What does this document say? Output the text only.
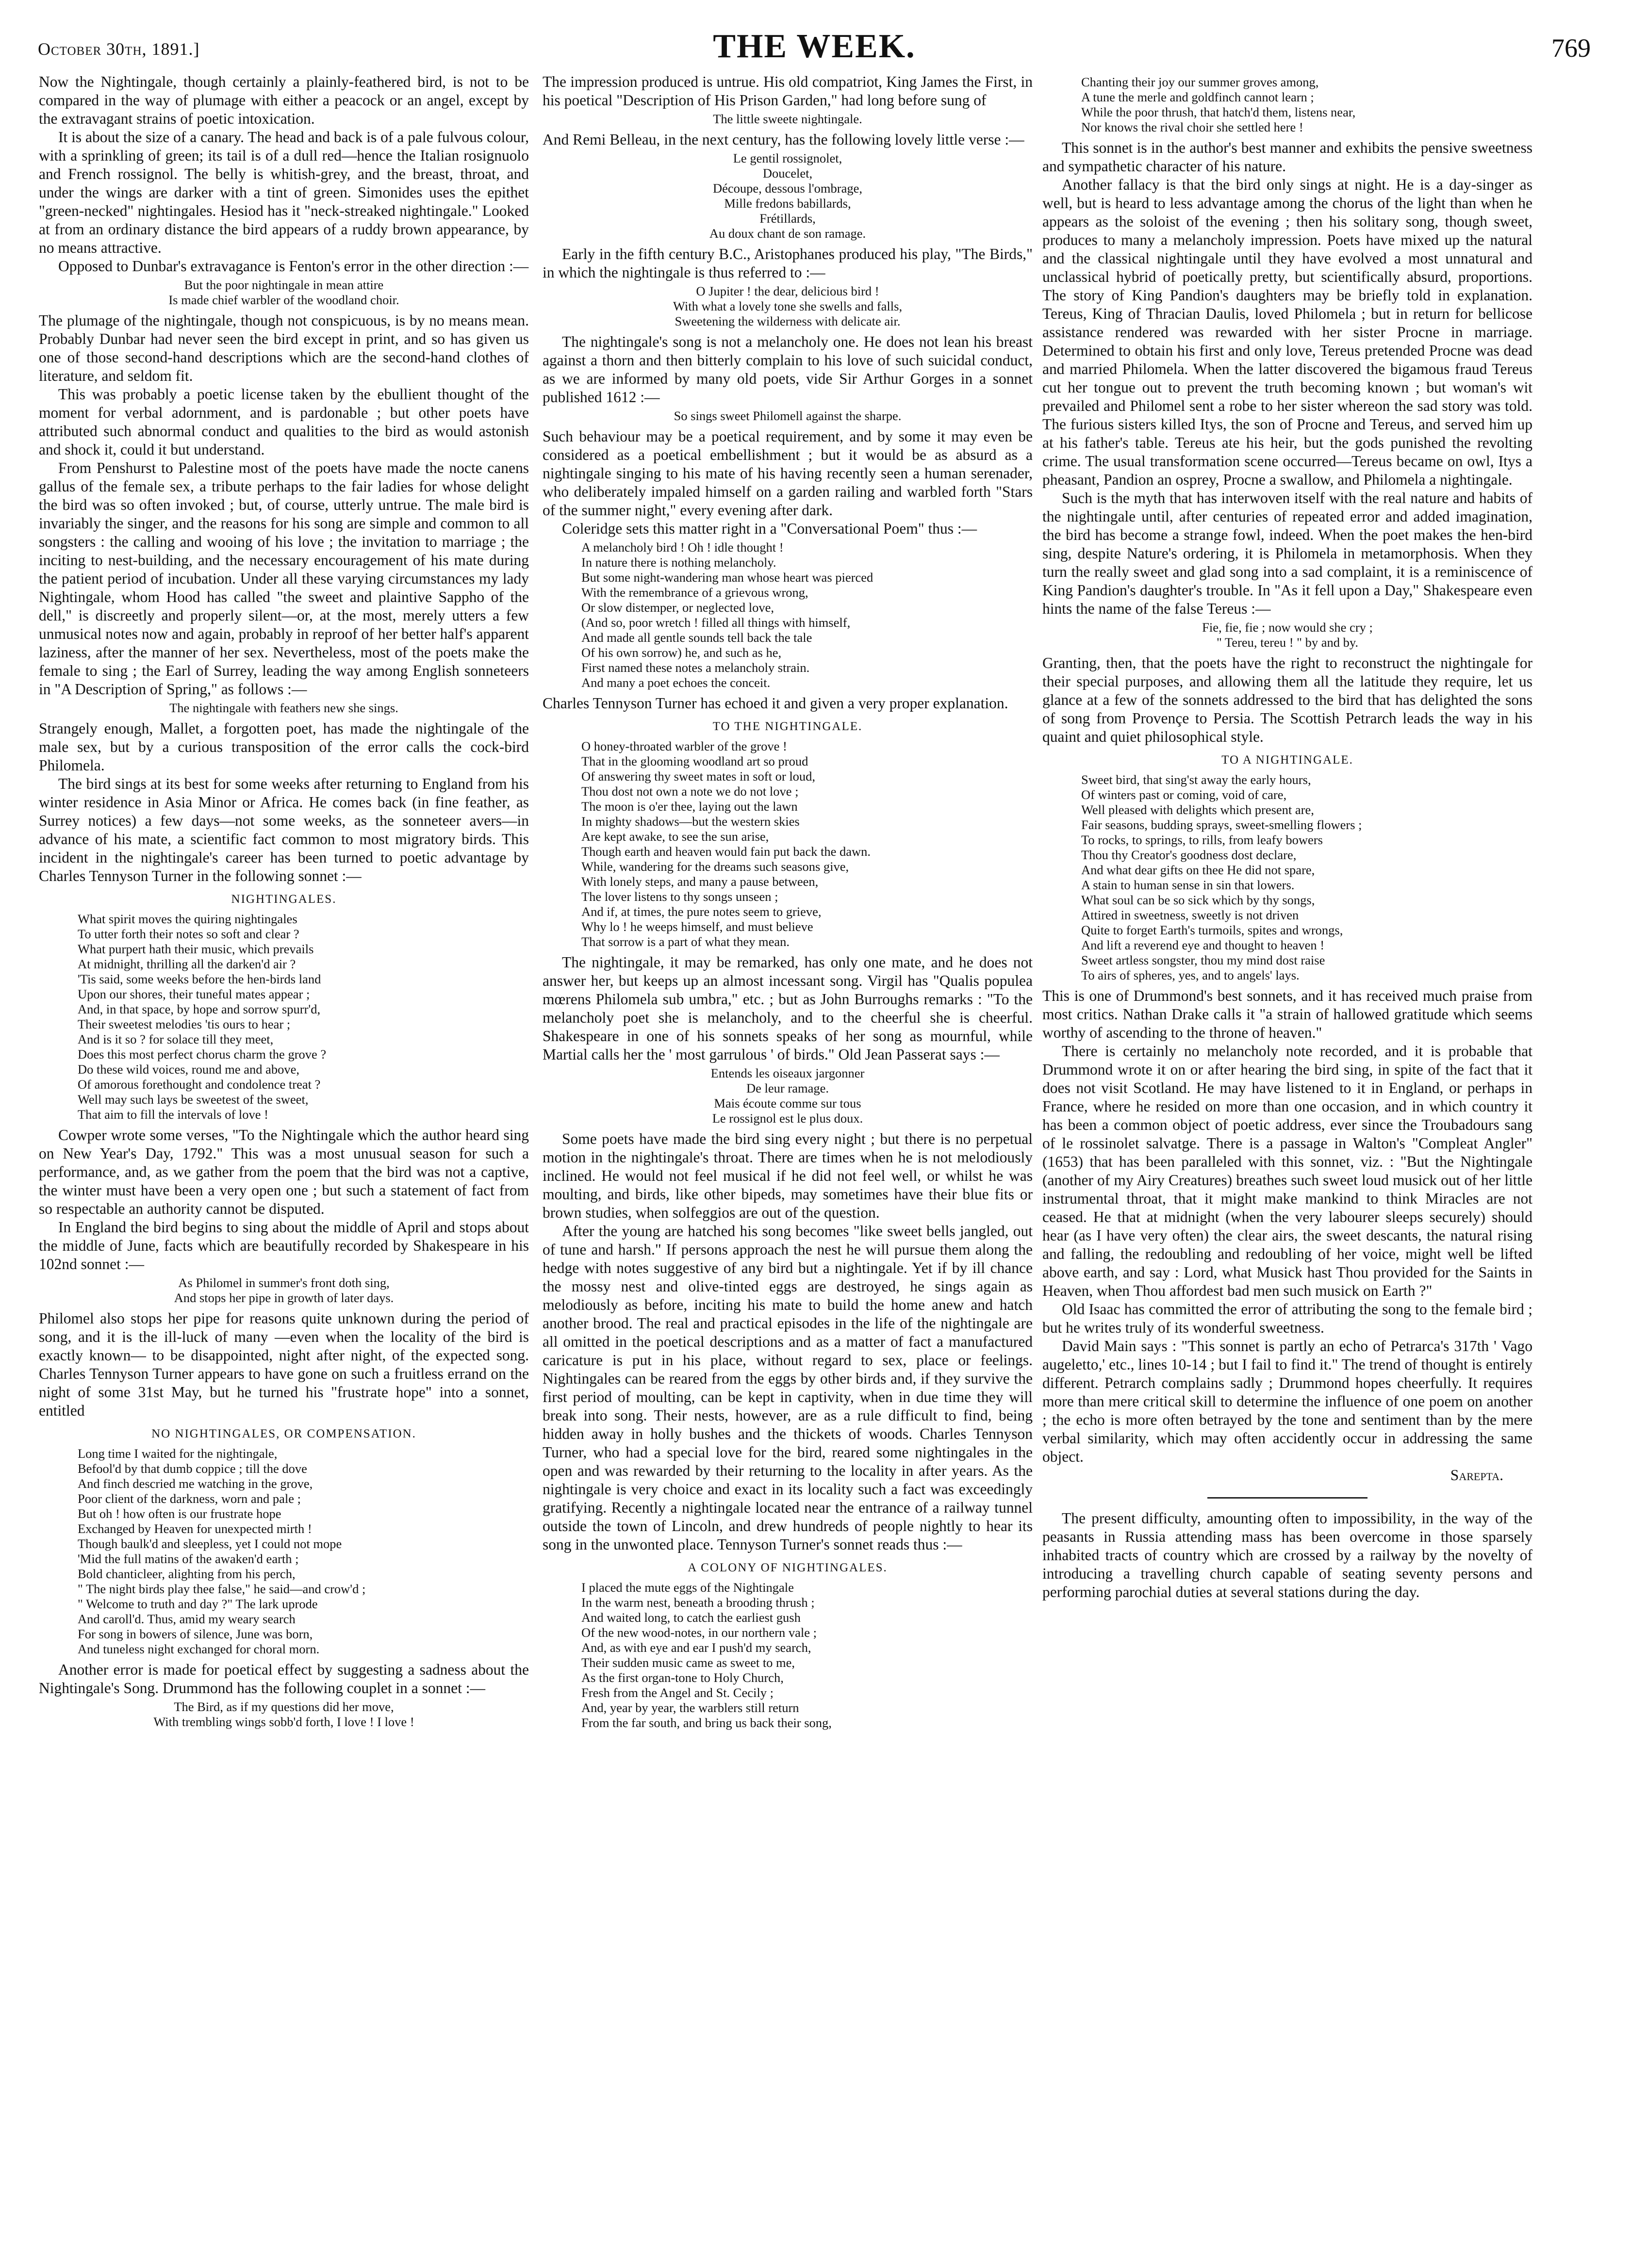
October 30th, 1891.]	THE WEEK.	769

Now the Nightingale, though certainly a plainly-feathered bird, is not to be compared in the way of plumage with either a peacock or an angel, except by the extravagant strains of poetic intoxication.

It is about the size of a canary. The head and back is of a pale fulvous colour, with a sprinkling of green; its tail is of a dull red—hence the Italian rosignuolo and French rossignol. The belly is whitish-grey, and the breast, throat, and under the wings are darker with a tint of green. Simonides uses the epithet "green-necked" nightingales. Hesiod has it "neck-streaked nightingale." Looked at from an ordinary distance the bird appears of a ruddy brown appearance, by no means attractive.

Opposed to Dunbar's extravagance is Fenton's error in the other direction :—

But the poor nightingale in mean attire
Is made chief warbler of the woodland choir.

The plumage of the nightingale, though not conspicuous, is by no means mean. Probably Dunbar had never seen the bird except in print, and so has given us one of those second-hand descriptions which are the second-hand clothes of literature, and seldom fit.

This was probably a poetic license taken by the ebullient thought of the moment for verbal adornment, and is pardonable ; but other poets have attributed such abnormal conduct and qualities to the bird as would astonish and shock it, could it but understand.

From Penshurst to Palestine most of the poets have made the nocte canens gallus of the female sex, a tribute perhaps to the fair ladies for whose delight the bird was so often invoked ; but, of course, utterly untrue. The male bird is invariably the singer, and the reasons for his song are simple and common to all songsters : the calling and wooing of his love ; the invitation to marriage ; the inciting to nest-building, and the necessary encouragement of his mate during the patient period of incubation. Under all these varying circumstances my lady Nightingale, whom Hood has called "the sweet and plaintive Sappho of the dell," is discreetly and properly silent—or, at the most, merely utters a few unmusical notes now and again, probably in reproof of her better half's apparent laziness, after the manner of her sex. Nevertheless, most of the poets make the female to sing ; the Earl of Surrey, leading the way among English sonneteers in "A Description of Spring," as follows :—

The nightingale with feathers new she sings.

Strangely enough, Mallet, a forgotten poet, has made the nightingale of the male sex, but by a curious transposition of the error calls the cock-bird Philomela.

The bird sings at its best for some weeks after returning to England from his winter residence in Asia Minor or Africa. He comes back (in fine feather, as Surrey notices) a few days—not some weeks, as the sonneteer avers—in advance of his mate, a scientific fact common to most migratory birds. This incident in the nightingale's career has been turned to poetic advantage by Charles Tennyson Turner in the following sonnet :—

NIGHTINGALES.
What spirit moves the quiring nightingales
To utter forth their notes so soft and clear ?
What purpert hath their music, which prevails
At midnight, thrilling all the darken'd air ?
'Tis said, some weeks before the hen-birds land
Upon our shores, their tuneful mates appear ;
And, in that space, by hope and sorrow spurr'd,
Their sweetest melodies 'tis ours to hear ;
And is it so ? for solace till they meet,
Does this most perfect chorus charm the grove ?
Do these wild voices, round me and above,
Of amorous forethought and condolence treat ?
Well may such lays be sweetest of the sweet,
That aim to fill the intervals of love !

Cowper wrote some verses, "To the Nightingale which the author heard sing on New Year's Day, 1792." This was a most unusual season for such a performance, and, as we gather from the poem that the bird was not a captive, the winter must have been a very open one ; but such a statement of fact from so respectable an authority cannot be disputed.

In England the bird begins to sing about the middle of April and stops about the middle of June, facts which are beautifully recorded by Shakespeare in his 102nd sonnet :—

As Philomel in summer's front doth sing,
And stops her pipe in growth of later days.

Philomel also stops her pipe for reasons quite unknown during the period of song, and it is the ill-luck of many —even when the locality of the bird is exactly known— to be disappointed, night after night, of the expected song. Charles Tennyson Turner appears to have gone on such a fruitless errand on the night of some 31st May, but he turned his "frustrate hope" into a sonnet, entitled

NO NIGHTINGALES, OR COMPENSATION.
Long time I waited for the nightingale,
Befool'd by that dumb coppice ; till the dove
And finch descried me watching in the grove,
Poor client of the darkness, worn and pale ;
But oh ! how often is our frustrate hope
Exchanged by Heaven for unexpected mirth !
Though baulk'd and sleepless, yet I could not mope
'Mid the full matins of the awaken'd earth ;
Bold chanticleer, alighting from his perch,
" The night birds play thee false," he said—and crow'd ;
" Welcome to truth and day ?" The lark uprode
And caroll'd. Thus, amid my weary search
For song in bowers of silence, June was born,
And tuneless night exchanged for choral morn.

Another error is made for poetical effect by suggesting a sadness about the Nightingale's Song. Drummond has the following couplet in a sonnet :—

The Bird, as if my questions did her move,
With trembling wings sobb'd forth, I love ! I love !

The impression produced is untrue. His old compatriot, King James the First, in his poetical "Description of His Prison Garden," had long before sung of

The little sweete nightingale.

And Remi Belleau, in the next century, has the following lovely little verse :—

Le gentil rossignolet,
Doucelet,
Découpe, dessous l'ombrage,
Mille fredons babillards,
Frétillards,
Au doux chant de son ramage.

Early in the fifth century B.C., Aristophanes produced his play, "The Birds," in which the nightingale is thus referred to :—

O Jupiter ! the dear, delicious bird !
With what a lovely tone she swells and falls,
Sweetening the wilderness with delicate air.

The nightingale's song is not a melancholy one. He does not lean his breast against a thorn and then bitterly complain to his love of such suicidal conduct, as we are informed by many old poets, vide Sir Arthur Gorges in a sonnet published 1612 :—

So sings sweet Philomell against the sharpe.

Such behaviour may be a poetical requirement, and by some it may even be considered as a poetical embellishment ; but it would be as absurd as a nightingale singing to his mate of his having recently seen a human serenader, who deliberately impaled himself on a garden railing and warbled forth "Stars of the summer night," every evening after dark.

Coleridge sets this matter right in a "Conversational Poem" thus :—

A melancholy bird ! Oh ! idle thought !
In nature there is nothing melancholy.
But some night-wandering man whose heart was pierced
With the remembrance of a grievous wrong,
Or slow distemper, or neglected love,
(And so, poor wretch ! filled all things with himself,
And made all gentle sounds tell back the tale
Of his own sorrow) he, and such as he,
First named these notes a melancholy strain.
And many a poet echoes the conceit.

Charles Tennyson Turner has echoed it and given a very proper explanation.

TO THE NIGHTINGALE.
O honey-throated warbler of the grove !
That in the glooming woodland art so proud
Of answering thy sweet mates in soft or loud,
Thou dost not own a note we do not love ;
The moon is o'er thee, laying out the lawn
In mighty shadows—but the western skies
Are kept awake, to see the sun arise,
Though earth and heaven would fain put back the dawn.
While, wandering for the dreams such seasons give,
With lonely steps, and many a pause between,
The lover listens to thy songs unseen ;
And if, at times, the pure notes seem to grieve,
Why lo ! he weeps himself, and must believe
That sorrow is a part of what they mean.

The nightingale, it may be remarked, has only one mate, and he does not answer her, but keeps up an almost incessant song. Virgil has "Qualis populea mœrens Philomela sub umbra," etc. ; but as John Burroughs remarks : "To the melancholy poet she is melancholy, and to the cheerful she is cheerful. Shakespeare in one of his sonnets speaks of her song as mournful, while Martial calls her the ' most garrulous ' of birds." Old Jean Passerat says :—

Entends les oiseaux jargonner
De leur ramage.
Mais écoute comme sur tous
Le rossignol est le plus doux.

Some poets have made the bird sing every night ; but there is no perpetual motion in the nightingale's throat. There are times when he is not melodiously inclined. He would not feel musical if he did not feel well, or whilst he was moulting, and birds, like other bipeds, may sometimes have their blue fits or brown studies, when solfeggios are out of the question.

After the young are hatched his song becomes "like sweet bells jangled, out of tune and harsh." If persons approach the nest he will pursue them along the hedge with notes suggestive of any bird but a nightingale. Yet if by ill chance the mossy nest and olive-tinted eggs are destroyed, he sings again as melodiously as before, inciting his mate to build the home anew and hatch another brood. The real and practical episodes in the life of the nightingale are all omitted in the poetical descriptions and as a matter of fact a manufactured caricature is put in his place, without regard to sex, place or feelings. Nightingales can be reared from the eggs by other birds and, if they survive the first period of moulting, can be kept in captivity, when in due time they will break into song. Their nests, however, are as a rule difficult to find, being hidden away in holly bushes and the thickets of woods. Charles Tennyson Turner, who had a special love for the bird, reared some nightingales in the open and was rewarded by their returning to the locality in after years. As the nightingale is very choice and exact in its locality such a fact was exceedingly gratifying. Recently a nightingale located near the entrance of a railway tunnel outside the town of Lincoln, and drew hundreds of people nightly to hear its song in the unwonted place. Tennyson Turner's sonnet reads thus :—

A COLONY OF NIGHTINGALES.
I placed the mute eggs of the Nightingale
In the warm nest, beneath a brooding thrush ;
And waited long, to catch the earliest gush
Of the new wood-notes, in our northern vale ;
And, as with eye and ear I push'd my search,
Their sudden music came as sweet to me,
As the first organ-tone to Holy Church,
Fresh from the Angel and St. Cecily ;
And, year by year, the warblers still return
From the far south, and bring us back their song,
Chanting their joy our summer groves among,
A tune the merle and goldfinch cannot learn ;
While the poor thrush, that hatch'd them, listens near,
Nor knows the rival choir she settled here !

This sonnet is in the author's best manner and exhibits the pensive sweetness and sympathetic character of his nature.

Another fallacy is that the bird only sings at night. He is a day-singer as well, but is heard to less advantage among the chorus of the light than when he appears as the soloist of the evening ; then his solitary song, though sweet, produces to many a melancholy impression. Poets have mixed up the natural and the classical nightingale until they have evolved a most unnatural and unclassical hybrid of poetically pretty, but scientifically absurd, proportions. The story of King Pandion's daughters may be briefly told in explanation. Tereus, King of Thracian Daulis, loved Philomela ; but in return for bellicose assistance rendered was rewarded with her sister Procne in marriage. Determined to obtain his first and only love, Tereus pretended Procne was dead and married Philomela. When the latter discovered the bigamous fraud Tereus cut her tongue out to prevent the truth becoming known ; but woman's wit prevailed and Philomel sent a robe to her sister whereon the sad story was told. The furious sisters killed Itys, the son of Procne and Tereus, and served him up at his father's table. Tereus ate his heir, but the gods punished the revolting crime. The usual transformation scene occurred—Tereus became on owl, Itys a pheasant, Pandion an osprey, Procne a swallow, and Philomela a nightingale.

Such is the myth that has interwoven itself with the real nature and habits of the nightingale until, after centuries of repeated error and added imagination, the bird has become a strange fowl, indeed. When the poet makes the hen-bird sing, despite Nature's ordering, it is Philomela in metamorphosis. When they turn the really sweet and glad song into a sad complaint, it is a reminiscence of King Pandion's daughter's trouble. In "As it fell upon a Day," Shakespeare even hints the name of the false Tereus :—

Fie, fie, fie ; now would she cry ;
" Tereu, tereu ! " by and by.

Granting, then, that the poets have the right to reconstruct the nightingale for their special purposes, and allowing them all the latitude they require, let us glance at a few of the sonnets addressed to the bird that has delighted the sons of song from Provençe to Persia. The Scottish Petrarch leads the way in his quaint and quiet philosophical style.

TO A NIGHTINGALE.
Sweet bird, that sing'st away the early hours,
Of winters past or coming, void of care,
Well pleased with delights which present are,
Fair seasons, budding sprays, sweet-smelling flowers ;
To rocks, to springs, to rills, from leafy bowers
Thou thy Creator's goodness dost declare,
And what dear gifts on thee He did not spare,
A stain to human sense in sin that lowers.
What soul can be so sick which by thy songs,
Attired in sweetness, sweetly is not driven
Quite to forget Earth's turmoils, spites and wrongs,
And lift a reverend eye and thought to heaven !
Sweet artless songster, thou my mind dost raise
To airs of spheres, yes, and to angels' lays.

This is one of Drummond's best sonnets, and it has received much praise from most critics. Nathan Drake calls it "a strain of hallowed gratitude which seems worthy of ascending to the throne of heaven."

There is certainly no melancholy note recorded, and it is probable that Drummond wrote it on or after hearing the bird sing, in spite of the fact that it does not visit Scotland. He may have listened to it in England, or perhaps in France, where he resided on more than one occasion, and in which country it has been a common object of poetic address, ever since the Troubadours sang of le rossinolet salvatge. There is a passage in Walton's "Compleat Angler" (1653) that has been paralleled with this sonnet, viz. : "But the Nightingale (another of my Airy Creatures) breathes such sweet loud musick out of her little instrumental throat, that it might make mankind to think Miracles are not ceased. He that at midnight (when the very labourer sleeps securely) should hear (as I have very often) the clear airs, the sweet descants, the natural rising and falling, the redoubling and redoubling of her voice, might well be lifted above earth, and say : Lord, what Musick hast Thou provided for the Saints in Heaven, when Thou affordest bad men such musick on Earth ?"

Old Isaac has committed the error of attributing the song to the female bird ; but he writes truly of its wonderful sweetness.

David Main says : "This sonnet is partly an echo of Petrarca's 317th ' Vago augeletto,' etc., lines 10-14 ; but I fail to find it." The trend of thought is entirely different. Petrarch complains sadly ; Drummond hopes cheerfully. It requires more than mere critical skill to determine the influence of one poem on another ; the echo is more often betrayed by the tone and sentiment than by the mere verbal similarity, which may often accidently occur in addressing the same object.

Sarepta.

The present difficulty, amounting often to impossibility, in the way of the peasants in Russia attending mass has been overcome in those sparsely inhabited tracts of country which are crossed by a railway by the novelty of introducing a travelling church capable of seating seventy persons and performing parochial duties at several stations during the day.
